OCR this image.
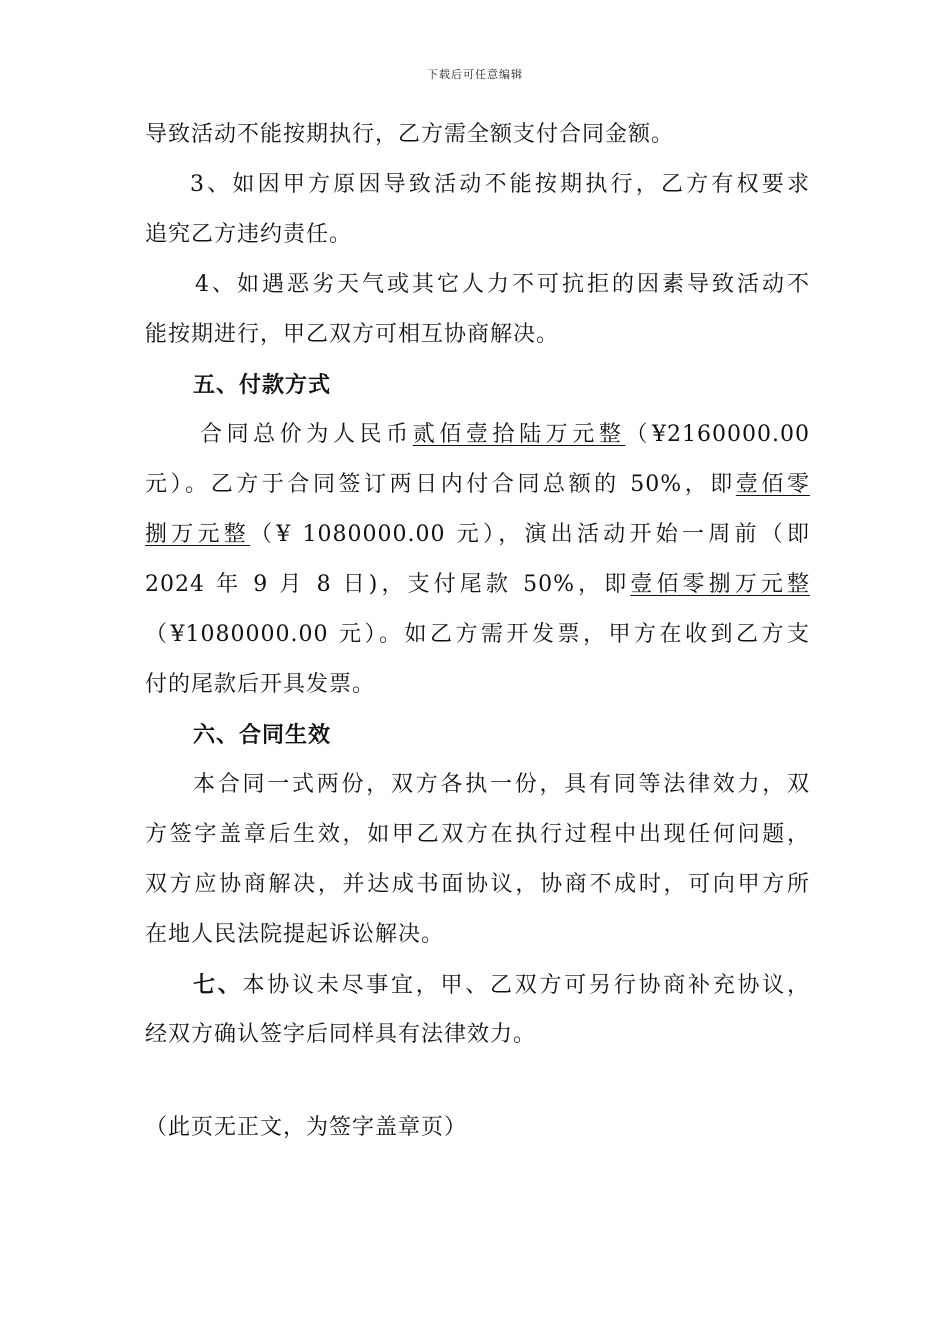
下载后可任意编辑
导致活动不能按期执行，乙方需全额支付合同金额。
3、如因甲方原因导致活动不能按期执行，乙方有权要求
追究乙方违约责任。
4、如遇恶劣天气或其它人力不可抗拒的因素导致活动不
能按期进行，甲乙双方可相互协商解决。
五、付款方式
合同总价为人民币贰佰壹拾陆万元整（¥2160000.00
元）。乙方于合同签订两日内付合同总额的 50%，即壹佰零
捌万元整（¥ 1080000.00 元），演出活动开始一周前（即
2024 年 9 月 8 日)，支付尾款 50%，即壹佰零捌万元整
（¥1080000.00 元）。如乙方需开发票，甲方在收到乙方支
付的尾款后开具发票。
六、合同生效
本合同一式两份，双方各执一份，具有同等法律效力，双
方签字盖章后生效，如甲乙双方在执行过程中出现任何问题，
双方应协商解决，并达成书面协议，协商不成时，可向甲方所
在地人民法院提起诉讼解决。
七、本协议未尽事宜，甲、乙双方可另行协商补充协议，
经双方确认签字后同样具有法律效力。
（此页无正文，为签字盖章页）
